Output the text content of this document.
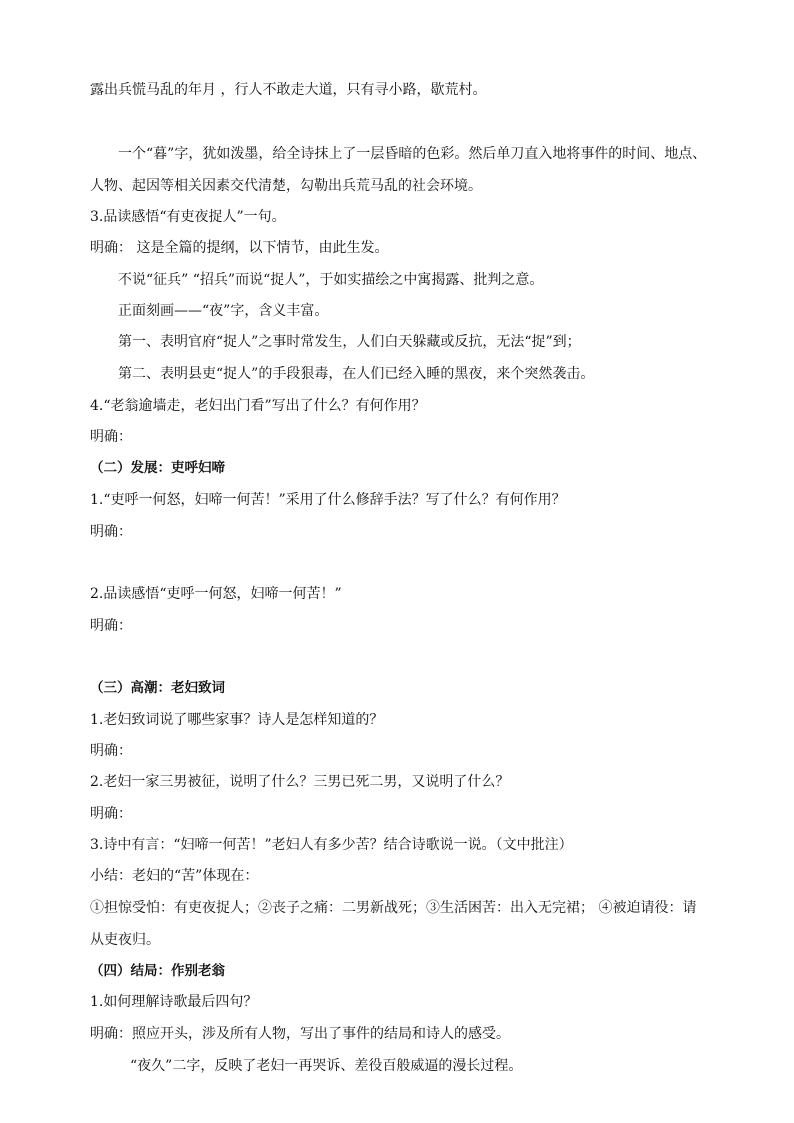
露出兵慌马乱的年月 ，行人不敢走大道，只有寻小路，歇荒村。
一个“暮”字，犹如泼墨，给全诗抹上了一层昏暗的色彩。然后单刀直入地将事件的时间、地点、
人物、起因等相关因素交代清楚，勾勒出兵荒马乱的社会环境。
3.品读感悟“有吏夜捉人”一句。
明确： 这是全篇的提纲，以下情节，由此生发。
不说“征兵” “招兵”而说“捉人”，于如实描绘之中寓揭露、批判之意。
正面刻画——“夜”字，含义丰富。
第一、表明官府“捉人”之事时常发生，人们白天躲藏或反抗，无法“捉”到；
第二、表明县吏“捉人”的手段狠毒，在人们已经入睡的黑夜，来个突然袭击。
4.“老翁逾墙走，老妇出门看”写出了什么？有何作用？
明确：
（二）发展：吏呼妇啼
1.“吏呼一何怒，妇啼一何苦！”采用了什么修辞手法？写了什么？有何作用？
明确：
2.品读感悟“吏呼一何怒，妇啼一何苦！”
明确：
（三）高潮：老妇致词
1.老妇致词说了哪些家事？诗人是怎样知道的？
明确：
2.老妇一家三男被征，说明了什么？三男已死二男，又说明了什么？
明确：
3.诗中有言：“妇啼一何苦！”老妇人有多少苦？结合诗歌说一说。（文中批注）
小结：老妇的“苦”体现在：
①担惊受怕：有吏夜捉人；②丧子之痛：二男新战死；③生活困苦：出入无完裙； ④被迫请役：请
从吏夜归。
（四）结局：作别老翁
1.如何理解诗歌最后四句？
明确：照应开头，涉及所有人物，写出了事件的结局和诗人的感受。
“夜久”二字，反映了老妇一再哭诉、差役百般威逼的漫长过程。
